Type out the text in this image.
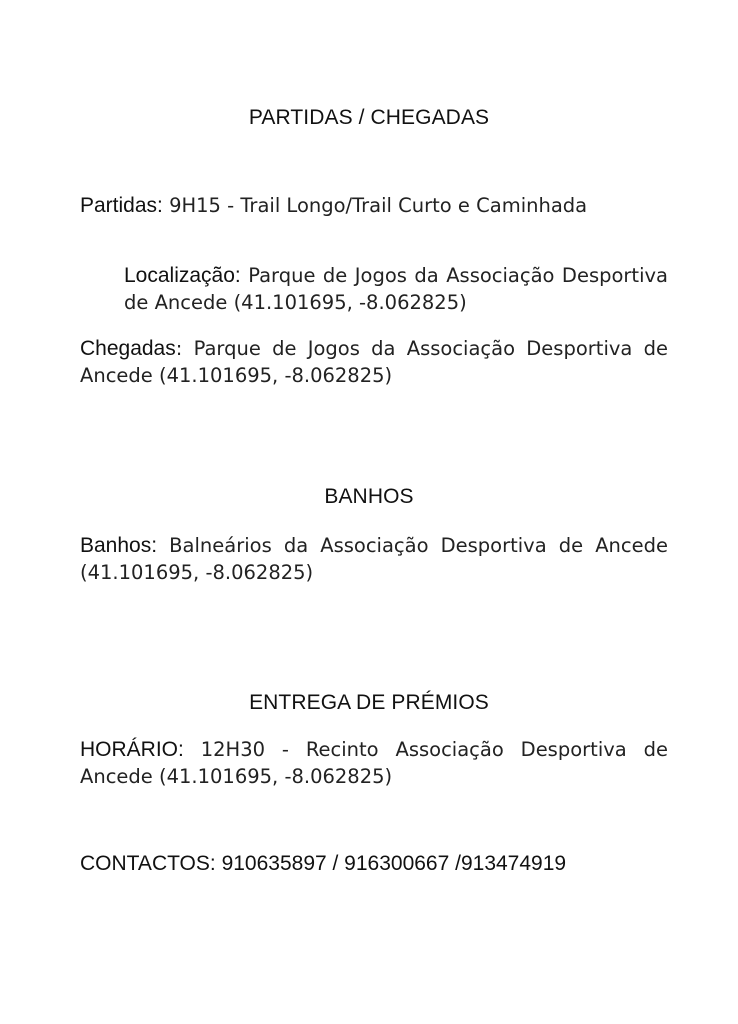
PARTIDAS / CHEGADAS

Partidas: 9H15 - Trail Longo/Trail Curto e Caminhada

Localização: Parque de Jogos da Associação Desportiva de Ancede (41.101695, -8.062825)

Chegadas: Parque de Jogos da Associação Desportiva de Ancede (41.101695, -8.062825)

BANHOS

Banhos: Balneários da Associação Desportiva de Ancede (41.101695, -8.062825)

ENTREGA DE PRÉMIOS

HORÁRIO: 12H30 - Recinto Associação Desportiva de Ancede (41.101695, -8.062825)

CONTACTOS: 910635897 / 916300667 /913474919
